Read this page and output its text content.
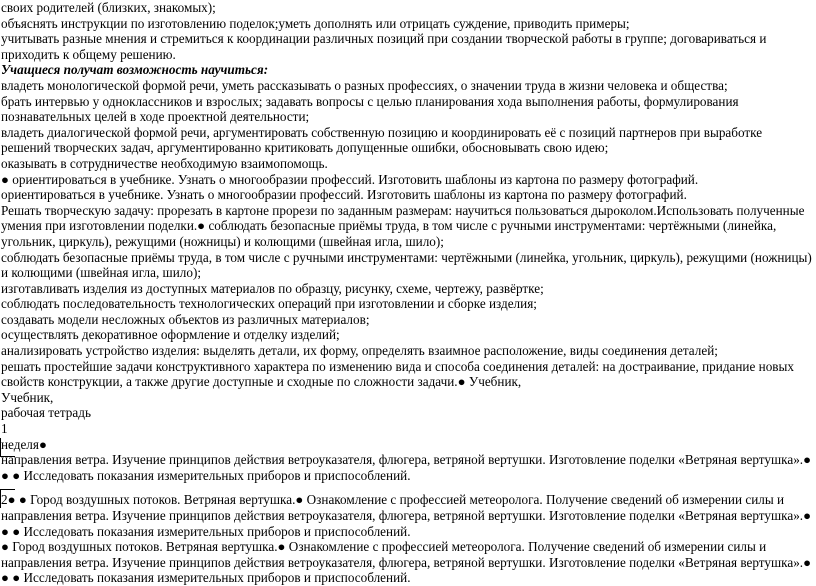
своих родителей (близких, знакомых);

объяснять инструкции по изготовлению поделок;уметь дополнять или отрицать суждение, приводить примеры;

учитывать разные мнения и стремиться к координации различных позиций при создании творческой работы в группе; договариваться и приходить к общему решению.

Учащиеся получат возможность научиться:

владеть монологической формой речи, уметь рассказывать о разных профессиях, о значении труда в жизни человека и общества;

брать интервью у одноклассников и взрослых; задавать вопросы с целью планирования хода выполнения работы, формулирования познавательных целей в ходе проектной деятельности;

владеть диалогической формой речи, аргументировать собственную позицию и координировать её с позиций партнеров при выработке решений творческих задач, аргументированно критиковать допущенные ошибки, обосновывать свою идею;

оказывать в сотрудничестве необходимую взаимопомощь.

● ориентироваться в учебнике. Узнать о многообразии профессий. Изготовить шаблоны из картона по размеру фотографий.

ориентироваться в учебнике. Узнать о многообразии профессий. Изготовить шаблоны из картона по размеру фотографий.

Решать творческую задачу: прорезать в картоне прорези по заданным размерам: научиться пользоваться дыроколом.Использовать полученные умения при изготовлении поделки.● соблюдать безопасные приёмы труда, в том числе с ручными инструментами: чертёжными (линейка, угольник, циркуль), режущими (ножницы) и колющими (швейная игла, шило);

соблюдать безопасные приёмы труда, в том числе с ручными инструментами: чертёжными (линейка, угольник, циркуль), режущими (ножницы) и колющими (швейная игла, шило);

изготавливать изделия из доступных материалов по образцу, рисунку, схеме, чертежу, развёртке;

соблюдать последовательность технологических операций при изготовлении и сборке изделия;

создавать модели несложных объектов из различных материалов;

осуществлять декоративное оформление и отделку изделий;

анализировать устройство изделия: выделять детали, их форму, определять взаимное расположение, виды соединения деталей;

решать простейшие задачи конструктивного характера по изменению вида и способа соединения деталей: на достраивание, придание новых свойств конструкции, а также другие доступные и сходные по сложности задачи.● Учебник,

Учебник,

рабочая тетрадь

1

неделя●

направления ветра. Изучение принципов действия ветроуказателя, флюгера, ветряной вертушки. Изготовление поделки «Ветряная вертушка».● ● ● Исследовать показания измерительных приборов и приспособлений.

2● ● Город воздушных потоков. Ветряная вертушка.● Ознакомление с профессией метеоролога. Получение сведений об измерении силы и направления ветра. Изучение принципов действия ветроуказателя, флюгера, ветряной вертушки. Изготовление поделки «Ветряная вертушка».● ● ● Исследовать показания измерительных приборов и приспособлений.

● Город воздушных потоков. Ветряная вертушка.● Ознакомление с профессией метеоролога. Получение сведений об измерении силы и направления ветра. Изучение принципов действия ветроуказателя, флюгера, ветряной вертушки. Изготовление поделки «Ветряная вертушка».● ● ● Исследовать показания измерительных приборов и приспособлений.
